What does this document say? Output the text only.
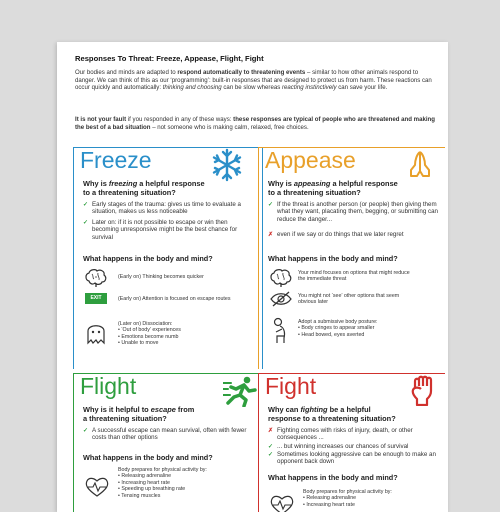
Responses To Threat: Freeze, Appease, Flight, Fight

Our bodies and minds are adapted to respond automatically to threatening events – similar to how other animals respond to danger. We can think of this as our ‘programming’: built-in responses that are designed to protect us from harm. These reactions can occur quickly and automatically: thinking and choosing can be slow whereas reacting instinctively can save your life.

It is not your fault if you responded in any of these ways: these responses are typical of people who are threatened and making the best of a bad situation – not someone who is making calm, relaxed, free choices.

Freeze
Why is freezing a helpful response
to a threatening situation?
✓ Early stages of the trauma: gives us time to evaluate a situation, makes us less noticeable
✓ Later on: if it is not possible to escape or win then becoming unresponsive might be the best chance for survival
What happens in the body and mind?
(Early on) Thinking becomes quicker
EXIT	(Early on) Attention is focused on escape routes
(Later on) Dissociation:
• ‘Out of body’ experiences
• Emotions become numb
• Unable to move
Appease
Why is appeasing a helpful response
to a threatening situation?
✓ If the threat is another person (or people) then giving them what they want, placating them, begging, or submitting can reduce the danger...
✗ even if we say or do things that we later regret
What happens in the body and mind?
Your mind focuses on options that might reduce the immediate threat
You might not ‘see’ other options that seem obvious later
Adopt a submissive body posture:
• Body cringes to appear smaller
• Head bowed, eyes averted
Flight
Why is it helpful to escape from
a threatening situation?
✓ A successful escape can mean survival, often with fewer costs than other options
What happens in the body and mind?
Body prepares for physical activity by:
• Releasing adrenaline
• Increasing heart rate
• Speeding up breathing rate
• Tensing muscles
Fight
Why can fighting be a helpful
response to a threatening situation?
✗ Fighting comes with risks of injury, death, or other consequences ...
✓ ... but winning increases our chances of survival
✓ Sometimes looking aggressive can be enough to make an opponent back down
What happens in the body and mind?
Body prepares for physical activity by:
• Releasing adrenaline
• Increasing heart rate
